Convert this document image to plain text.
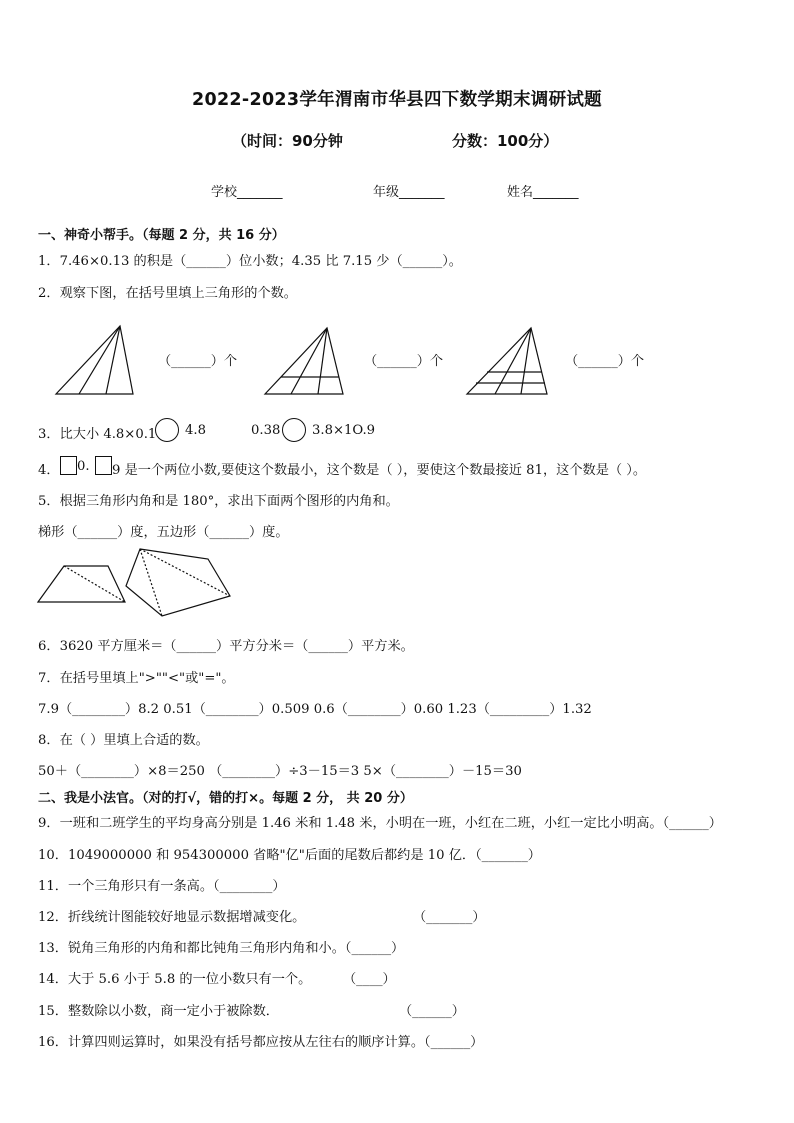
2022-2023学年渭南市华县四下数学期末调研试题
（时间：90分钟	分数：100分）
学校_______	年级_______	姓名_______
一、神奇小帮手。（每题 2 分，共 16 分）
1．7.46×0.13 的积是（______）位小数；4.35 比 7.15 少（______）。
2．观察下图，在括号里填上三角形的个数。
（______）个	（______）个	（______）个
3．比大小 4.8×0.1 4.8	0.38 3.8×1O.9
4． 0. 9 是一个两位小数,要使这个数最小，这个数是（ ），要使这个数最接近 81，这个数是（ ）。
5．根据三角形内角和是 180°，求出下面两个图形的内角和。
梯形（______）度，五边形（______）度。
6．3620 平方厘米＝（______）平方分米＝（______）平方米。
7．在括号里填上">""<"或"="。
7.9（________）8.2 0.51（________）0.509 0.6（________）0.60 1.23（_________）1.32
8．在（ ）里填上合适的数。
50＋（________）×8＝250 （________）÷3－15＝3 5×（________）－15＝30
二、我是小法官。（对的打√，错的打×。每题 2 分， 共 20 分）
9．一班和二班学生的平均身高分别是 1.46 米和 1.48 米，小明在一班，小红在二班，小红一定比小明高。（______）
10．1049000000 和 954300000 省略"亿"后面的尾数后都约是 10 亿．（_______）
11．一个三角形只有一条高。（________）
12．折线统计图能较好地显示数据增减变化。	（_______）
13．锐角三角形的内角和都比钝角三角形内角和小。（______）
14．大于 5.6 小于 5.8 的一位小数只有一个。 （____）
15．整数除以小数，商一定小于被除数．	（______）
16．计算四则运算时，如果没有括号都应按从左往右的顺序计算。（______）
